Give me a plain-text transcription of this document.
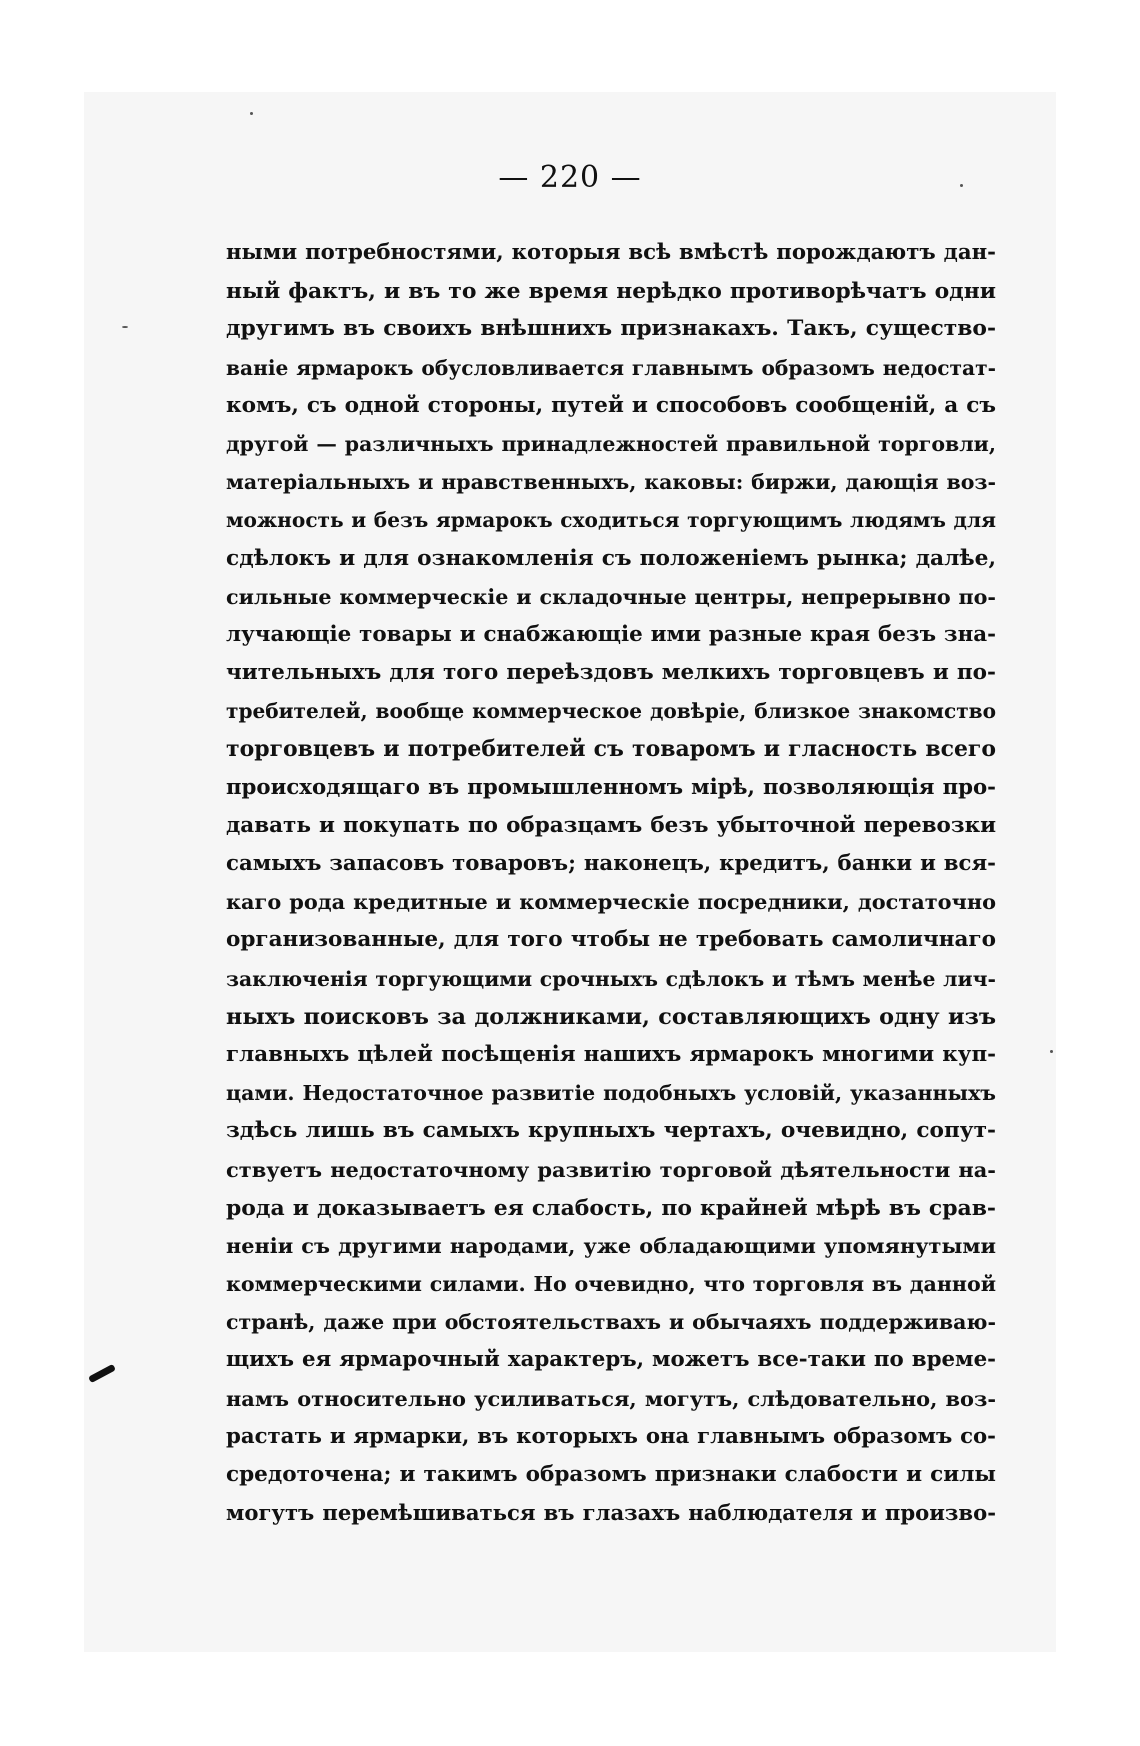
— 220 —
ными потребностями, которыя всѣ вмѣстѣ порождаютъ дан-
ный фактъ, и въ то же время нерѣдко противорѣчатъ одни
другимъ въ своихъ внѣшнихъ признакахъ. Такъ, существо-
ваніе ярмарокъ обусловливается главнымъ образомъ недостат-
комъ, съ одной стороны, путей и способовъ сообщеній, а съ
другой — различныхъ принадлежностей правильной торговли,
матеріальныхъ и нравственныхъ, каковы: биржи, дающія воз-
можность и безъ ярмарокъ сходиться торгующимъ людямъ для
сдѣлокъ и для ознакомленія съ положеніемъ рынка; далѣе,
сильные коммерческіе и складочные центры, непрерывно по-
лучающіе товары и снабжающіе ими разные края безъ зна-
чительныхъ для того переѣздовъ мелкихъ торговцевъ и по-
требителей, вообще коммерческое довѣріе, близкое знакомство
торговцевъ и потребителей съ товаромъ и гласность всего
происходящаго въ промышленномъ мірѣ, позволяющія про-
давать и покупать по образцамъ безъ убыточной перевозки
самыхъ запасовъ товаровъ; наконецъ, кредитъ, банки и вся-
каго рода кредитные и коммерческіе посредники, достаточно
организованные, для того чтобы не требовать самоличнаго
заключенія торгующими срочныхъ сдѣлокъ и тѣмъ менѣе лич-
ныхъ поисковъ за должниками, составляющихъ одну изъ
главныхъ цѣлей посѣщенія нашихъ ярмарокъ многими куп-
цами. Недостаточное развитіе подобныхъ условій, указанныхъ
здѣсь лишь въ самыхъ крупныхъ чертахъ, очевидно, сопут-
ствуетъ недостаточному развитію торговой дѣятельности на-
рода и доказываетъ ея слабость, по крайней мѣрѣ въ срав-
неніи съ другими народами, уже обладающими упомянутыми
коммерческими силами. Но очевидно, что торговля въ данной
странѣ, даже при обстоятельствахъ и обычаяхъ поддерживаю-
щихъ ея ярмарочный характеръ, можетъ все-таки по време-
намъ относительно усиливаться, могутъ, слѣдовательно, воз-
растать и ярмарки, въ которыхъ она главнымъ образомъ со-
средоточена; и такимъ образомъ признаки слабости и силы
могутъ перемѣшиваться въ глазахъ наблюдателя и произво-
